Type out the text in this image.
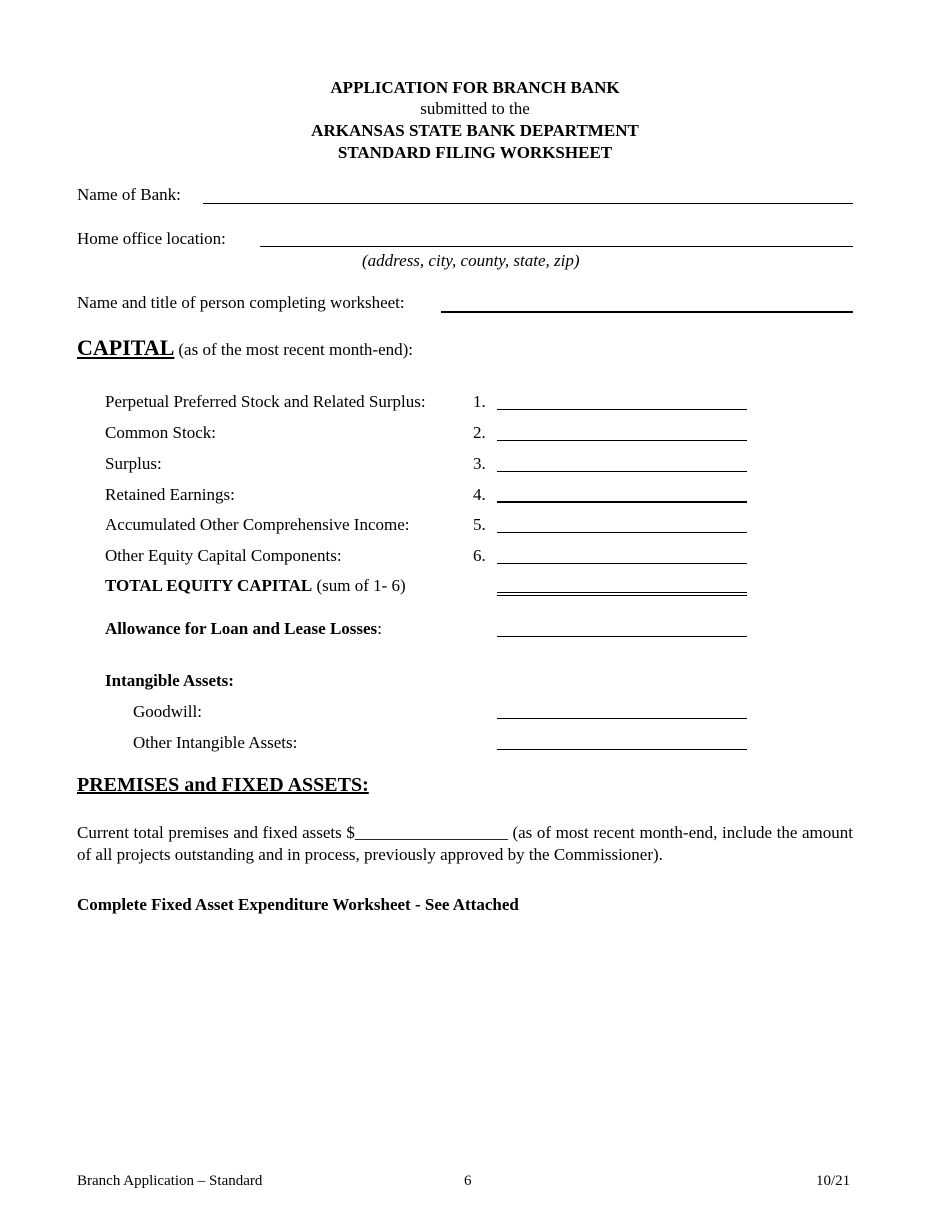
APPLICATION FOR BRANCH BANK
submitted to the
ARKANSAS STATE BANK DEPARTMENT
STANDARD FILING WORKSHEET
Name of Bank:
Home office location:
(address, city, county, state, zip)
Name and title of person completing worksheet:
CAPITAL (as of the most recent month-end):
Perpetual Preferred Stock and Related Surplus:	1.
Common Stock:	2.
Surplus:	3.
Retained Earnings:	4.
Accumulated Other Comprehensive Income:	5.
Other Equity Capital Components:	6.
TOTAL EQUITY CAPITAL (sum of 1- 6)
Allowance for Loan and Lease Losses:
Intangible Assets:
Goodwill:
Other Intangible Assets:
PREMISES and FIXED ASSETS:
Current total premises and fixed assets $__________________ (as of most recent month-end, include the amount of all projects outstanding and in process, previously approved by the Commissioner).
Complete Fixed Asset Expenditure Worksheet - See Attached
Branch Application – Standard	6	10/21
